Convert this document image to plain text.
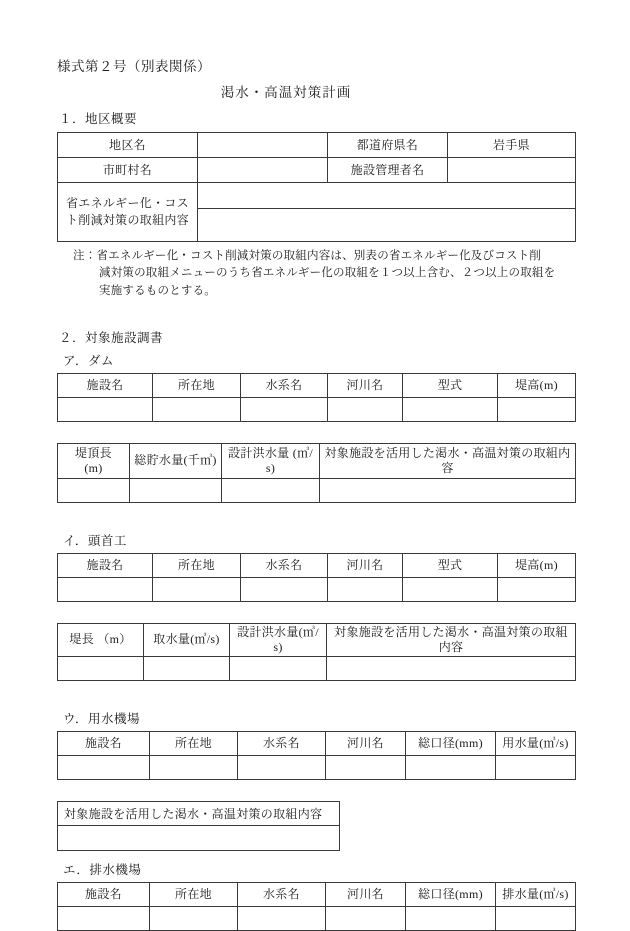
様式第２号（別表関係）
渇水・高温対策計画
１．地区概要
地区名		都道府県名	岩手県
市町村名		施設管理者名	
省エネルギー化・コスト削減対策の取組内容			

注：省エネルギー化・コスト削減対策の取組内容は、別表の省エネルギー化及びコスト削
減対策の取組メニューのうち省エネルギー化の取組を１つ以上含む、２つ以上の取組を
実施するものとする。

２．対象施設調書
ア．ダム
施設名	所在地	水系名	河川名	型式	堤高(m)

堤頂長
(m)	総貯水量(千㎥)	設計洪水量 (㎥/s)	対象施設を活用した渇水・高温対策の取組内容

イ．頭首工
施設名	所在地	水系名	河川名	型式	堤高(m)

堤長 （m）	取水量(㎥/s)	設計洪水量(㎥/s)	対象施設を活用した渇水・高温対策の取組内容

ウ．用水機場
施設名	所在地	水系名	河川名	総口径(mm)	用水量(㎥/s)

対象施設を活用した渇水・高温対策の取組内容

エ．排水機場
施設名	所在地	水系名	河川名	総口径(mm)	排水量(㎥/s)
